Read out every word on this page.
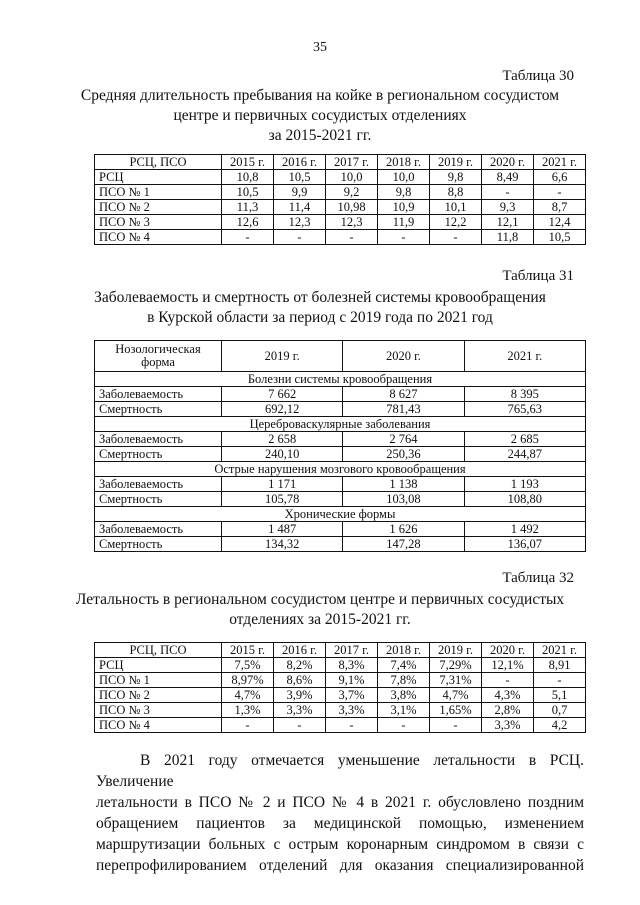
35
Таблица 30
Средняя длительность пребывания на койке в региональном сосудистом
центре и первичных сосудистых отделениях
за 2015-2021 гг.
РСЦ, ПСО	2015 г.	2016 г.	2017 г.	2018 г.	2019 г.	2020 г.	2021 г.
РСЦ	10,8	10,5	10,0	10,0	9,8	8,49	6,6
ПСО № 1	10,5	9,9	9,2	9,8	8,8	-	-
ПСО № 2	11,3	11,4	10,98	10,9	10,1	9,3	8,7
ПСО № 3	12,6	12,3	12,3	11,9	12,2	12,1	12,4
ПСО № 4	-	-	-	-	-	11,8	10,5
Таблица 31
Заболеваемость и смертность от болезней системы кровообращения
в Курской области за период с 2019 года по 2021 год
Нозологическая форма	2019 г.	2020 г.	2021 г.
Болезни системы кровообращения			
Заболеваемость	7 662	8 627	8 395
Смертность	692,12	781,43	765,63
Цереброваскулярные заболевания			
Заболеваемость	2 658	2 764	2 685
Смертность	240,10	250,36	244,87
Острые нарушения мозгового кровообращения			
Заболеваемость	1 171	1 138	1 193
Смертность	105,78	103,08	108,80
Хронические формы			
Заболеваемость	1 487	1 626	1 492
Смертность	134,32	147,28	136,07
Таблица 32
Летальность в региональном сосудистом центре и первичных сосудистых
отделениях за 2015-2021 гг.
РСЦ, ПСО	2015 г.	2016 г.	2017 г.	2018 г.	2019 г.	2020 г.	2021 г.
РСЦ	7,5%	8,2%	8,3%	7,4%	7,29%	12,1%	8,91
ПСО № 1	8,97%	8,6%	9,1%	7,8%	7,31%	-	-
ПСО № 2	4,7%	3,9%	3,7%	3,8%	4,7%	4,3%	5,1
ПСО № 3	1,3%	3,3%	3,3%	3,1%	1,65%	2,8%	0,7
ПСО № 4	-	-	-	-	-	3,3%	4,2
В 2021 году отмечается уменьшение летальности в РСЦ. Увеличение
летальности в ПСО № 2 и ПСО № 4 в 2021 г. обусловлено поздним
обращением пациентов за медицинской помощью, изменением
маршрутизации больных с острым коронарным синдромом в связи с
перепрофилированием отделений для оказания специализированной
